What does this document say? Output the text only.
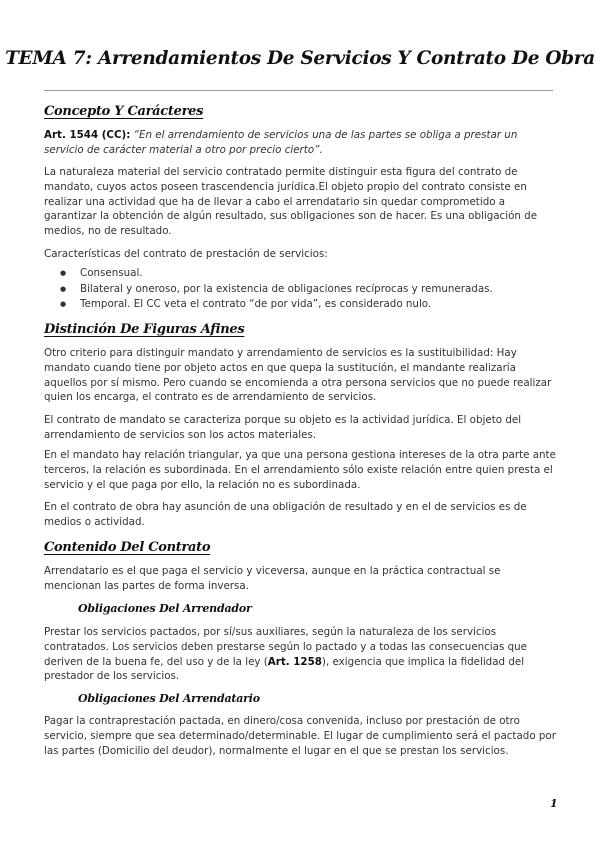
TEMA 7: Arrendamientos De Servicios Y Contrato De Obra
Concepto Y Carácteres

Art. 1544 (CC): “En el arrendamiento de servicios una de las partes se obliga a prestar un servicio de carácter material a otro por precio cierto”.

La naturaleza material del servicio contratado permite distinguir esta figura del contrato de mandato, cuyos actos poseen trascendencia jurídica.El objeto propio del contrato consiste en realizar una actividad que ha de llevar a cabo el arrendatario sin quedar comprometido a garantizar la obtención de algún resultado, sus obligaciones son de hacer. Es una obligación de medios, no de resultado.

Características del contrato de prestación de servicios:

● Consensual.
● Bilateral y oneroso, por la existencia de obligaciones recíprocas y remuneradas.
● Temporal. El CC veta el contrato “de por vida”, es considerado nulo.
Distinción De Figuras Afines

Otro criterio para distinguir mandato y arrendamiento de servicios es la sustituibilidad: Hay mandato cuando tiene por objeto actos en que quepa la sustitución, el mandante realizaría aquellos por sí mismo. Pero cuando se encomienda a otra persona servicios que no puede realizar quien los encarga, el contrato es de arrendamiento de servicios.

El contrato de mandato se caracteriza porque su objeto es la actividad jurídica. El objeto del arrendamiento de servicios son los actos materiales.

En el mandato hay relación triangular, ya que una persona gestiona intereses de la otra parte ante terceros, la relación es subordinada. En el arrendamiento sólo existe relación entre quien presta el servicio y el que paga por ello, la relación no es subordinada.

En el contrato de obra hay asunción de una obligación de resultado y en el de servicios es de medios o actividad.

Contenido Del Contrato

Arrendatario es el que paga el servicio y viceversa, aunque en la práctica contractual se mencionan las partes de forma inversa.

Obligaciones Del Arrendador

Prestar los servicios pactados, por sí/sus auxiliares, según la naturaleza de los servicios contratados. Los servicios deben prestarse según lo pactado y a todas las consecuencias que deriven de la buena fe, del uso y de la ley (Art. 1258), exigencia que implica la fidelidad del prestador de los servicios.

Obligaciones Del Arrendatario

Pagar la contraprestación pactada, en dinero/cosa convenida, incluso por prestación de otro servicio, siempre que sea determinado/determinable. El lugar de cumplimiento será el pactado por las partes (Domicilio del deudor), normalmente el lugar en el que se prestan los servicios.

1
